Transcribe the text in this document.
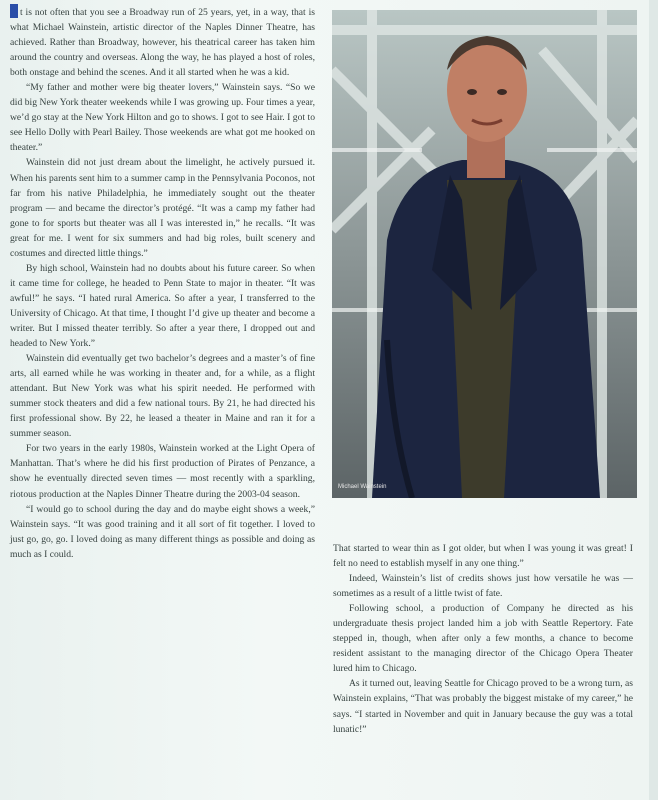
t is not often that you see a Broadway run of 25 years, yet, in a way, that is what Michael Wainstein, artistic director of the Naples Dinner Theatre, has achieved. Rather than Broadway, however, his theatrical career has taken him around the country and overseas. Along the way, he has played a host of roles, both onstage and behind the scenes. And it all started when he was a kid.

“My father and mother were big theater lovers,” Wainstein says. “So we did big New York theater weekends while I was growing up. Four times a year, we’d go stay at the New York Hilton and go to shows. I got to see Hair. I got to see Hello Dolly with Pearl Bailey. Those weekends are what got me hooked on theater.”

Wainstein did not just dream about the limelight, he actively pursued it. When his parents sent him to a summer camp in the Pennsylvania Poconos, not far from his native Philadelphia, he immediately sought out the theater program — and became the director’s protégé. “It was a camp my father had gone to for sports but theater was all I was interested in,” he recalls. “It was great for me. I went for six summers and had big roles, built scenery and costumes and directed little things.”

By high school, Wainstein had no doubts about his future career. So when it came time for college, he headed to Penn State to major in theater. “It was awful!” he says. “I hated rural America. So after a year, I transferred to the University of Chicago. At that time, I thought I’d give up theater and become a writer. But I missed theater terribly. So after a year there, I dropped out and headed to New York.”

Wainstein did eventually get two bachelor’s degrees and a master’s of fine arts, all earned while he was working in theater and, for a while, as a flight attendant. But New York was what his spirit needed. He performed with summer stock theaters and did a few national tours. By 21, he had directed his first professional show. By 22, he leased a theater in Maine and ran it for a summer season.

For two years in the early 1980s, Wainstein worked at the Light Opera of Manhattan. That’s where he did his first production of Pirates of Penzance, a show he eventually directed seven times — most recently with a sparkling, riotous production at the Naples Dinner Theatre during the 2003-04 season.

“I would go to school during the day and do maybe eight shows a week,” Wainstein says. “It was good training and it all sort of fit together. I loved to just go, go, go. I loved doing as many different things as possible and doing as much as I could.

Michael Wainstein

That started to wear thin as I got older, but when I was young it was great! I felt no need to establish myself in any one thing.”

Indeed, Wainstein’s list of credits shows just how versatile he was — sometimes as a result of a little twist of fate.

Following school, a production of Company he directed as his undergraduate thesis project landed him a job with Seattle Repertory. Fate stepped in, though, when after only a few months, a chance to become resident assistant to the managing director of the Chicago Opera Theater lured him to Chicago.

As it turned out, leaving Seattle for Chicago proved to be a wrong turn, as Wainstein explains, “That was probably the biggest mistake of my career,” he says. “I started in November and quit in January because the guy was a total lunatic!”
